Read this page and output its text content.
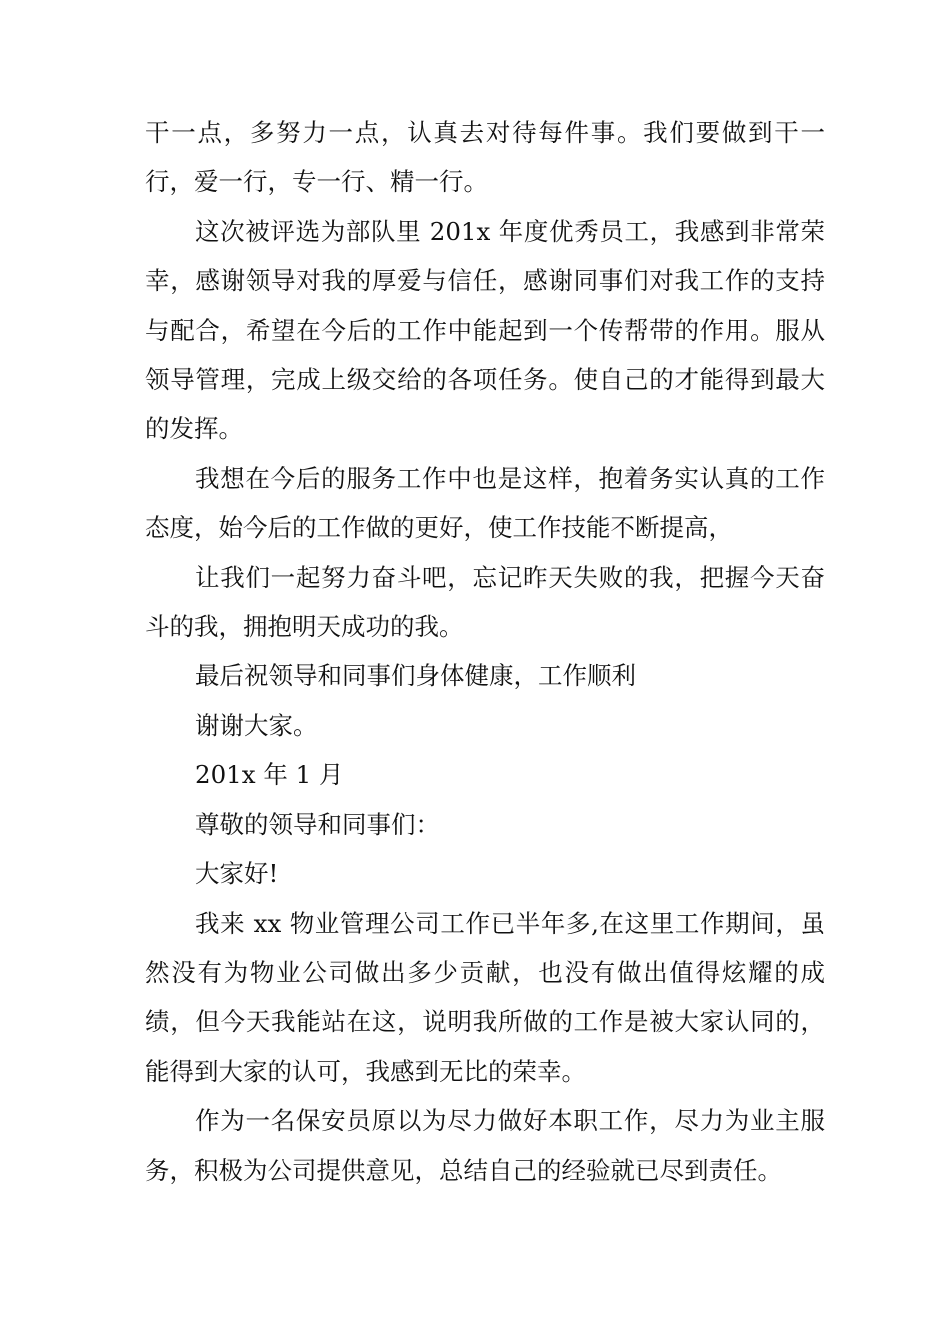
干一点，多努力一点，认真去对待每件事。我们要做到干一行，爱一行，专一行、精一行。

这次被评选为部队里 201x 年度优秀员工，我感到非常荣幸，感谢领导对我的厚爱与信任，感谢同事们对我工作的支持与配合，希望在今后的工作中能起到一个传帮带的作用。服从领导管理，完成上级交给的各项任务。使自己的才能得到最大的发挥。

我想在今后的服务工作中也是这样，抱着务实认真的工作态度，始今后的工作做的更好，使工作技能不断提高，

让我们一起努力奋斗吧，忘记昨天失败的我，把握今天奋斗的我，拥抱明天成功的我。

最后祝领导和同事们身体健康，工作顺利

谢谢大家。

201x 年 1 月

尊敬的领导和同事们：

大家好!

我来 xx 物业管理公司工作已半年多,在这里工作期间，虽然没有为物业公司做出多少贡献，也没有做出值得炫耀的成绩，但今天我能站在这，说明我所做的工作是被大家认同的，能得到大家的认可，我感到无比的荣幸。

作为一名保安员原以为尽力做好本职工作，尽力为业主服务，积极为公司提供意见，总结自己的经验就已尽到责任。
